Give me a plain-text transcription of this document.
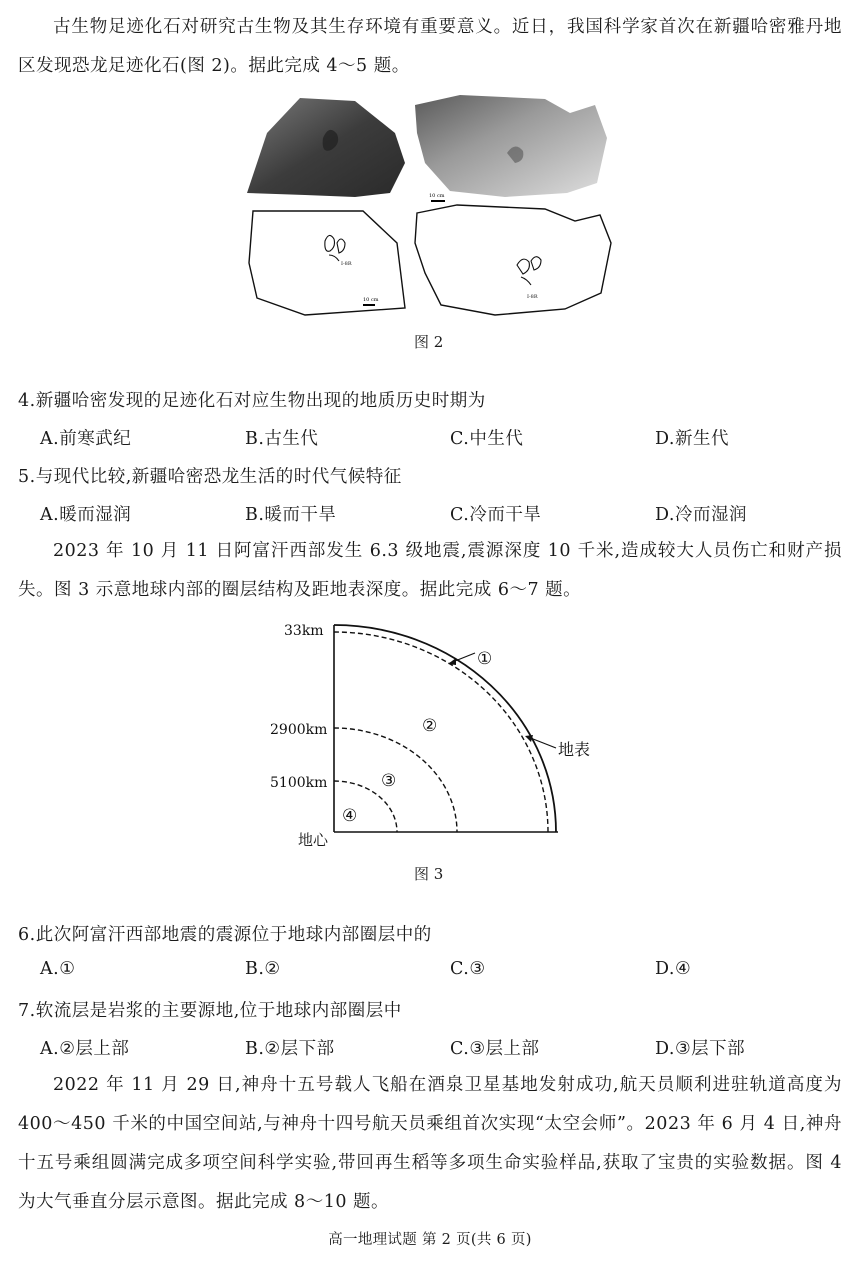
古生物足迹化石对研究古生物及其生存环境有重要意义。近日，我国科学家首次在新疆哈密雅丹地区发现恐龙足迹化石(图 2)。据此完成 4～5 题。
10 cm
I-8R
10 cm	I-8R
图 2
4.新疆哈密发现的足迹化石对应生物出现的地质历史时期为
A.前寒武纪	B.古生代	C.中生代	D.新生代
5.与现代比较,新疆哈密恐龙生活的时代气候特征
A.暖而湿润	B.暖而干旱	C.冷而干旱	D.冷而湿润
2023 年 10 月 11 日阿富汗西部发生 6.3 级地震,震源深度 10 千米,造成较大人员伤亡和财产损失。图 3 示意地球内部的圈层结构及距地表深度。据此完成 6～7 题。
33km
2900km
5100km
地心
①
②
③
④
地表
图 3
6.此次阿富汗西部地震的震源位于地球内部圈层中的
A.①	B.②	C.③	D.④
7.软流层是岩浆的主要源地,位于地球内部圈层中
A.②层上部	B.②层下部	C.③层上部	D.③层下部
2022 年 11 月 29 日,神舟十五号载人飞船在酒泉卫星基地发射成功,航天员顺利进驻轨道高度为 400～450 千米的中国空间站,与神舟十四号航天员乘组首次实现“太空会师”。2023 年 6 月 4 日,神舟十五号乘组圆满完成多项空间科学实验,带回再生稻等多项生命实验样品,获取了宝贵的实验数据。图 4 为大气垂直分层示意图。据此完成 8～10 题。
高一地理试题 第 2 页(共 6 页)
